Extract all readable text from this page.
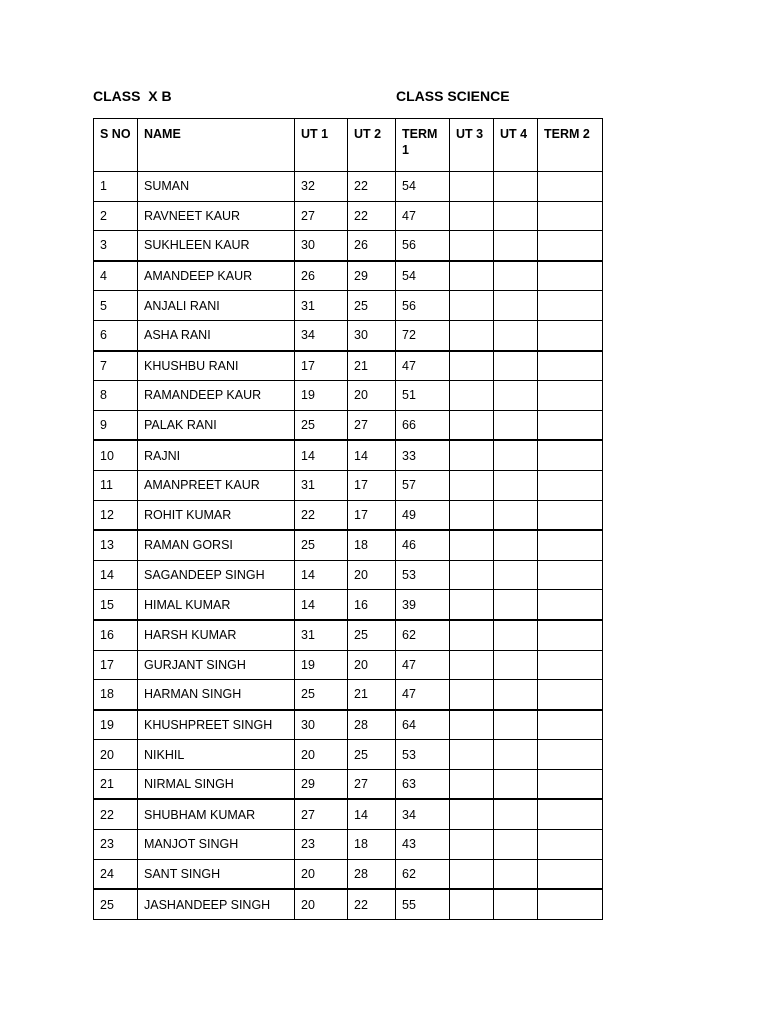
CLASS  X B	CLASS SCIENCE
S NO	NAME	UT 1	UT 2	TERM 1	UT 3	UT 4	TERM 2
1	SUMAN	32	22	54			
2	RAVNEET KAUR	27	22	47			
3	SUKHLEEN KAUR	30	26	56			
4	AMANDEEP KAUR	26	29	54			
5	ANJALI RANI	31	25	56			
6	ASHA RANI	34	30	72			
7	KHUSHBU RANI	17	21	47			
8	RAMANDEEP KAUR	19	20	51			
9	PALAK RANI	25	27	66			
10	RAJNI	14	14	33			
11	AMANPREET KAUR	31	17	57			
12	ROHIT KUMAR	22	17	49			
13	RAMAN GORSI	25	18	46			
14	SAGANDEEP SINGH	14	20	53			
15	HIMAL KUMAR	14	16	39			
16	HARSH KUMAR	31	25	62			
17	GURJANT SINGH	19	20	47			
18	HARMAN SINGH	25	21	47			
19	KHUSHPREET SINGH	30	28	64			
20	NIKHIL	20	25	53			
21	NIRMAL SINGH	29	27	63			
22	SHUBHAM KUMAR	27	14	34			
23	MANJOT SINGH	23	18	43			
24	SANT SINGH	20	28	62			
25	JASHANDEEP SINGH	20	22	55			
